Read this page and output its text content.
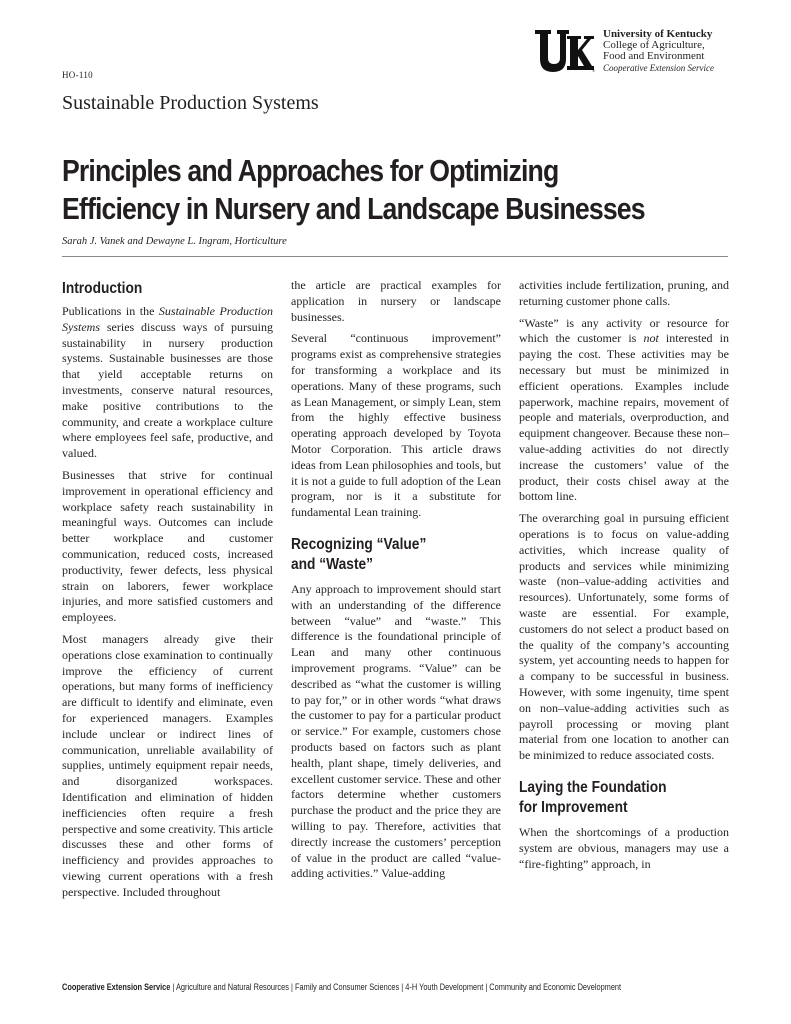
®
University of Kentucky
College of Agriculture,
Food and Environment
Cooperative Extension Service
HO-110
Sustainable Production Systems
Principles and Approaches for Optimizing
Efficiency in Nursery and Landscape Businesses
Sarah J. Vanek and Dewayne L. Ingram, Horticulture
Introduction

Publications in the Sustainable Production Systems series discuss ways of pursuing sustainability in nursery production systems. Sustainable businesses are those that yield acceptable returns on investments, conserve natural resources, make positive contributions to the community, and create a workplace culture where employees feel safe, productive, and valued.

Businesses that strive for continual improvement in operational efficiency and workplace safety reach sustainability in meaningful ways. Outcomes can include better workplace and customer communication, reduced costs, increased productivity, fewer defects, less physical strain on laborers, fewer workplace injuries, and more satisfied customers and employees.

Most managers already give their operations close examination to continually improve the efficiency of current operations, but many forms of inefficiency are difficult to identify and eliminate, even for experienced managers. Examples include unclear or indirect lines of communication, unreliable availability of supplies, untimely equipment repair needs, and disorganized workspaces. Identification and elimination of hidden inefficiencies often require a fresh perspective and some creativity. This article discusses these and other forms of inefficiency and provides approaches to viewing current operations with a fresh perspective. Included throughout

the article are practical examples for application in nursery or landscape businesses.

Several “continuous improvement” programs exist as comprehensive strategies for transforming a workplace and its operations. Many of these programs, such as Lean Management, or simply Lean, stem from the highly effective business operating approach developed by Toyota Motor Corporation. This article draws ideas from Lean philosophies and tools, but it is not a guide to full adoption of the Lean program, nor is it a substitute for fundamental Lean training.

Recognizing “Value”
and “Waste”

Any approach to improvement should start with an understanding of the difference between “value” and “waste.” This difference is the foundational principle of Lean and many other continuous improvement programs. “Value” can be described as “what the customer is willing to pay for,” or in other words “what draws the customer to pay for a particular product or service.” For example, customers chose products based on factors such as plant health, plant shape, timely deliveries, and excellent customer service. These and other factors determine whether customers purchase the product and the price they are willing to pay. Therefore, activities that directly increase the customers’ perception of value in the product are called “value-adding activities.” Value-adding

activities include fertilization, pruning, and returning customer phone calls.

“Waste” is any activity or resource for which the customer is not interested in paying the cost. These activities may be necessary but must be minimized in efficient operations. Examples include paperwork, machine repairs, movement of people and materials, overproduction, and equipment changeover. Because these non–value-adding activities do not directly increase the customers’ value of the product, their costs chisel away at the bottom line.

The overarching goal in pursuing efficient operations is to focus on value-adding activities, which increase quality of products and services while minimizing waste (non–value-adding activities and resources). Unfortunately, some forms of waste are essential. For example, customers do not select a product based on the quality of the company’s accounting system, yet accounting needs to happen for a company to be successful in business. However, with some ingenuity, time spent on non–value-adding activities such as payroll processing or moving plant material from one location to another can be minimized to reduce associated costs.

Laying the Foundation
for Improvement

When the shortcomings of a production system are obvious, managers may use a “fire-fighting” approach, in

Cooperative Extension Service | Agriculture and Natural Resources | Family and Consumer Sciences | 4-H Youth Development | Community and Economic Development
